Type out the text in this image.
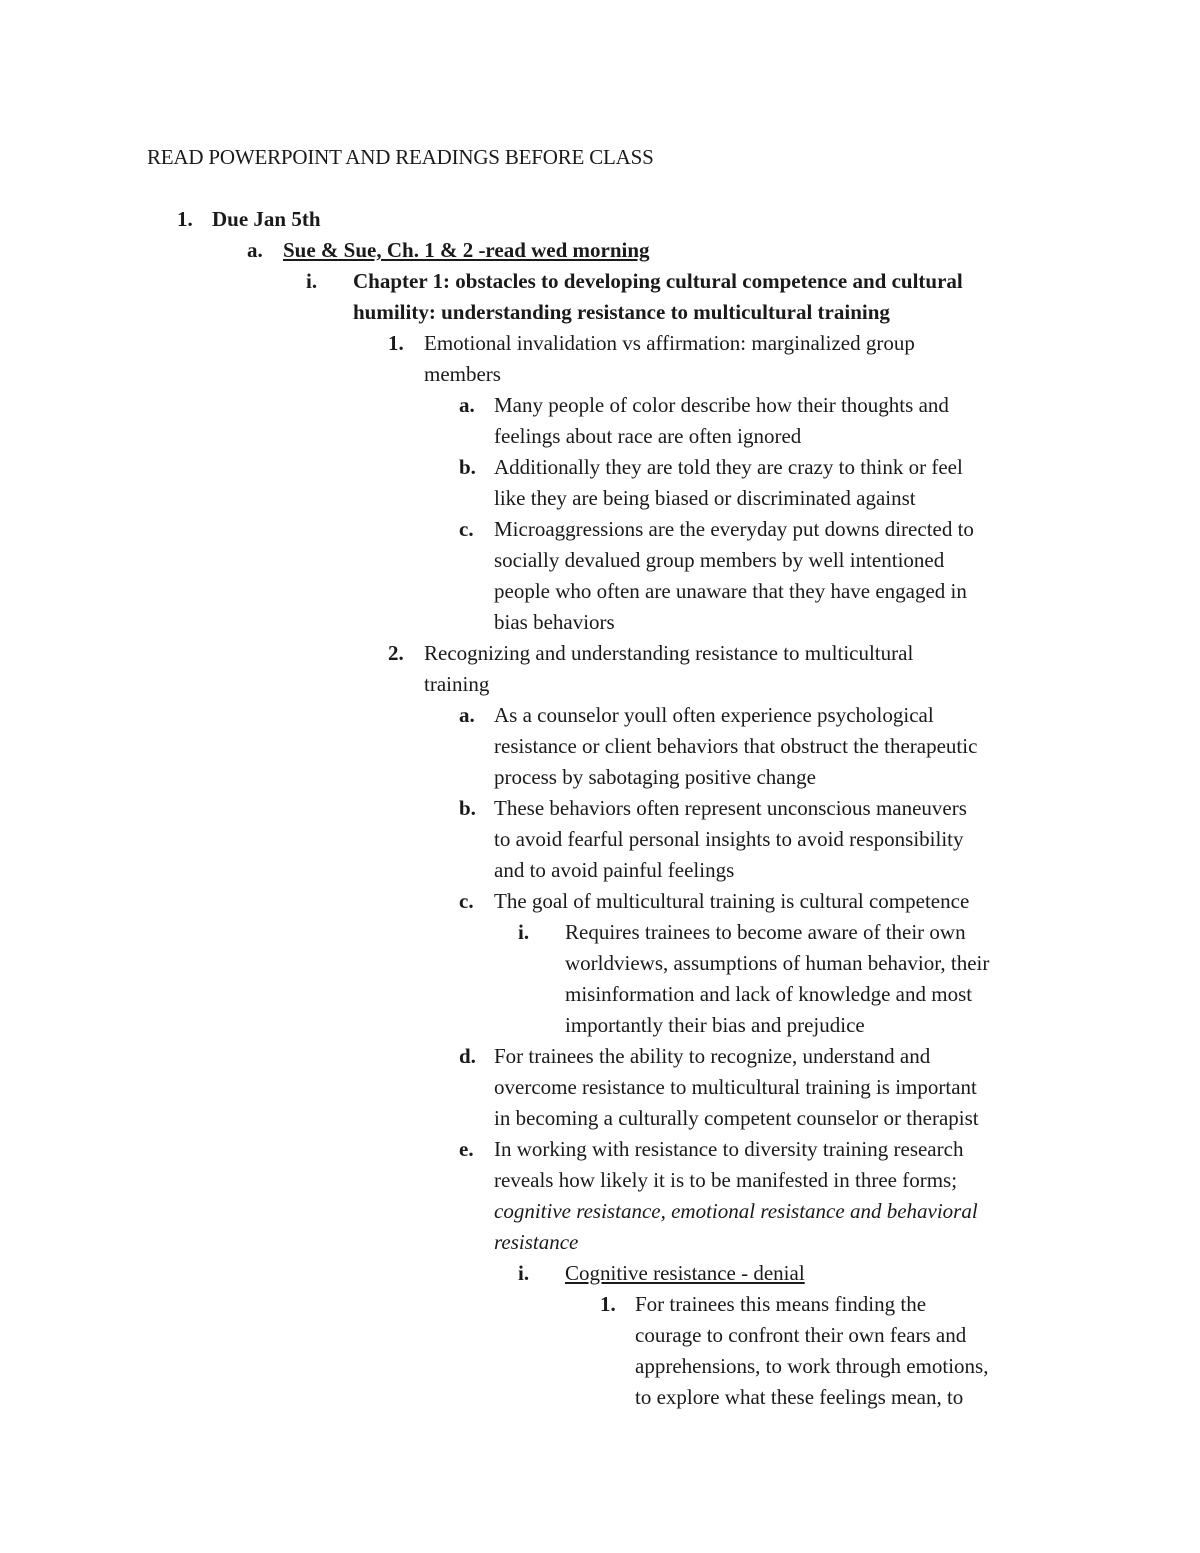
READ POWERPOINT AND READINGS BEFORE CLASS
1. Due Jan 5th
a. Sue & Sue, Ch. 1 & 2 -read wed morning
i. Chapter 1: obstacles to developing cultural competence and cultural
humility: understanding resistance to multicultural training
1. Emotional invalidation vs affirmation: marginalized group
members
a. Many people of color describe how their thoughts and
feelings about race are often ignored
b. Additionally they are told they are crazy to think or feel
like they are being biased or discriminated against
c. Microaggressions are the everyday put downs directed to
socially devalued group members by well intentioned
people who often are unaware that they have engaged in
bias behaviors
2. Recognizing and understanding resistance to multicultural
training
a. As a counselor youll often experience psychological
resistance or client behaviors that obstruct the therapeutic
process by sabotaging positive change
b. These behaviors often represent unconscious maneuvers
to avoid fearful personal insights to avoid responsibility
and to avoid painful feelings
c. The goal of multicultural training is cultural competence
i. Requires trainees to become aware of their own
worldviews, assumptions of human behavior, their
misinformation and lack of knowledge and most
importantly their bias and prejudice
d. For trainees the ability to recognize, understand and
overcome resistance to multicultural training is important
in becoming a culturally competent counselor or therapist
e. In working with resistance to diversity training research
reveals how likely it is to be manifested in three forms;
cognitive resistance, emotional resistance and behavioral
resistance
i. Cognitive resistance - denial
1. For trainees this means finding the
courage to confront their own fears and
apprehensions, to work through emotions,
to explore what these feelings mean, to
